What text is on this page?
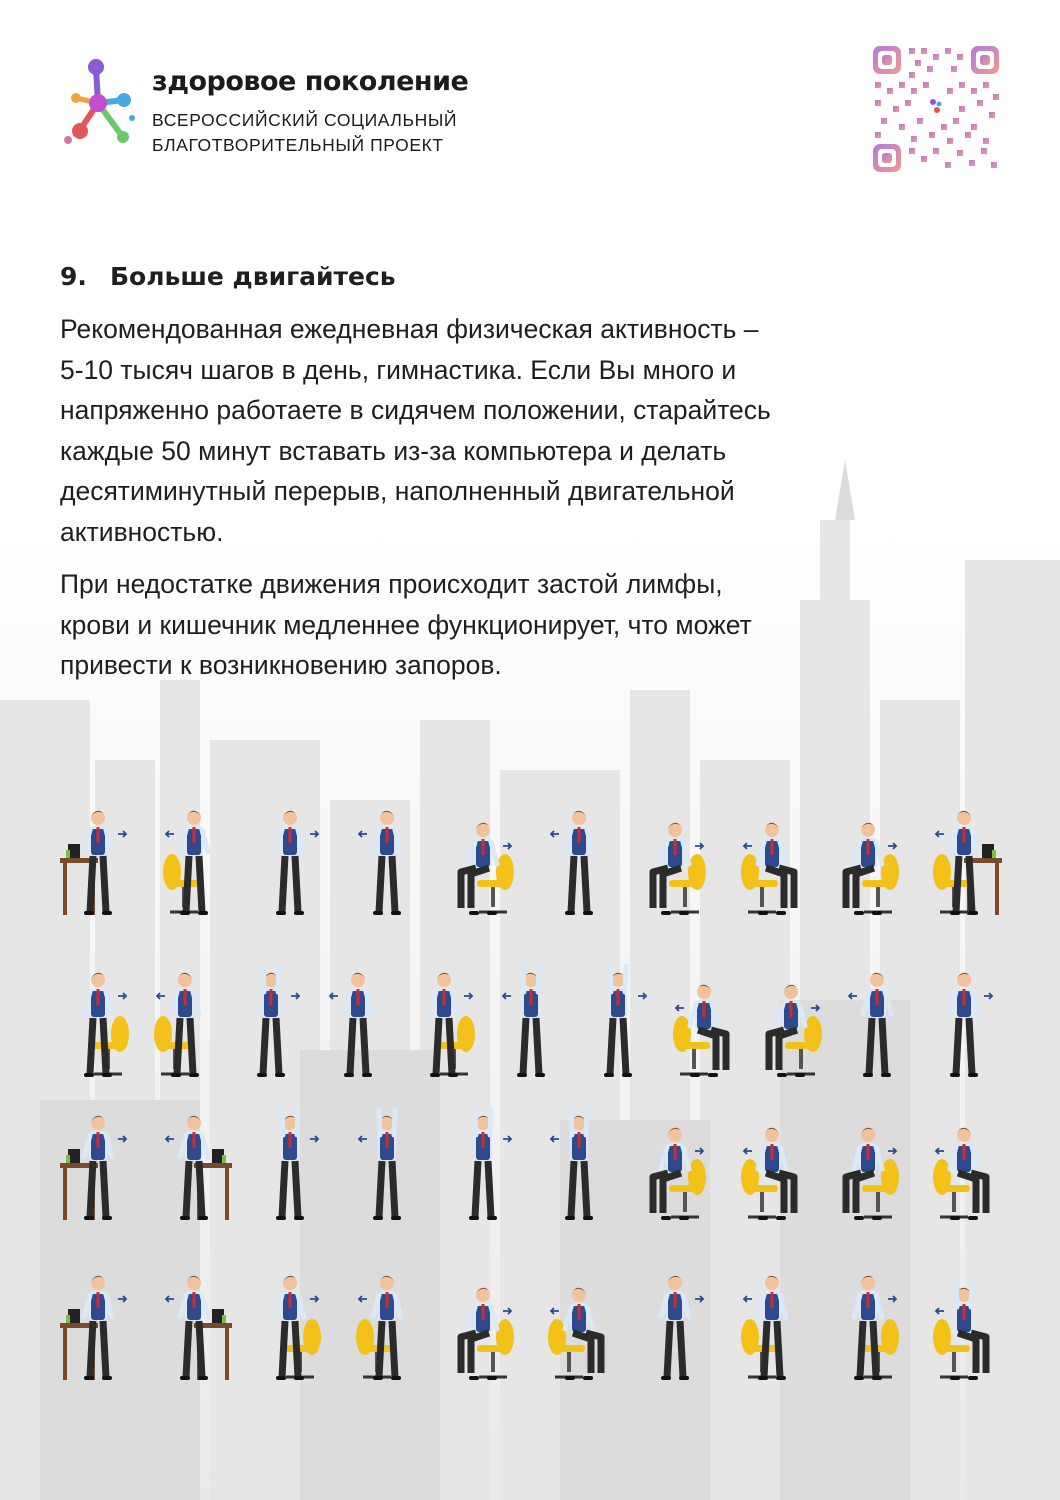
здоровое поколение
ВСЕРОССИЙСКИЙ СОЦИАЛЬНЫЙ
БЛАГОТВОРИТЕЛЬНЫЙ ПРОЕКТ
9. Больше двигайтесь

Рекомендованная ежедневная физическая активность –
5-10 тысяч шагов в день, гимнастика. Если Вы много и
напряженно работаете в сидячем положении, старайтесь
каждые 50 минут вставать из-за компьютера и делать
десятиминутный перерыв, наполненный двигательной
активностью.

При недостатке движения происходит застой лимфы,
крови и кишечник медленнее функционирует, что может
привести к возникновению запоров.
